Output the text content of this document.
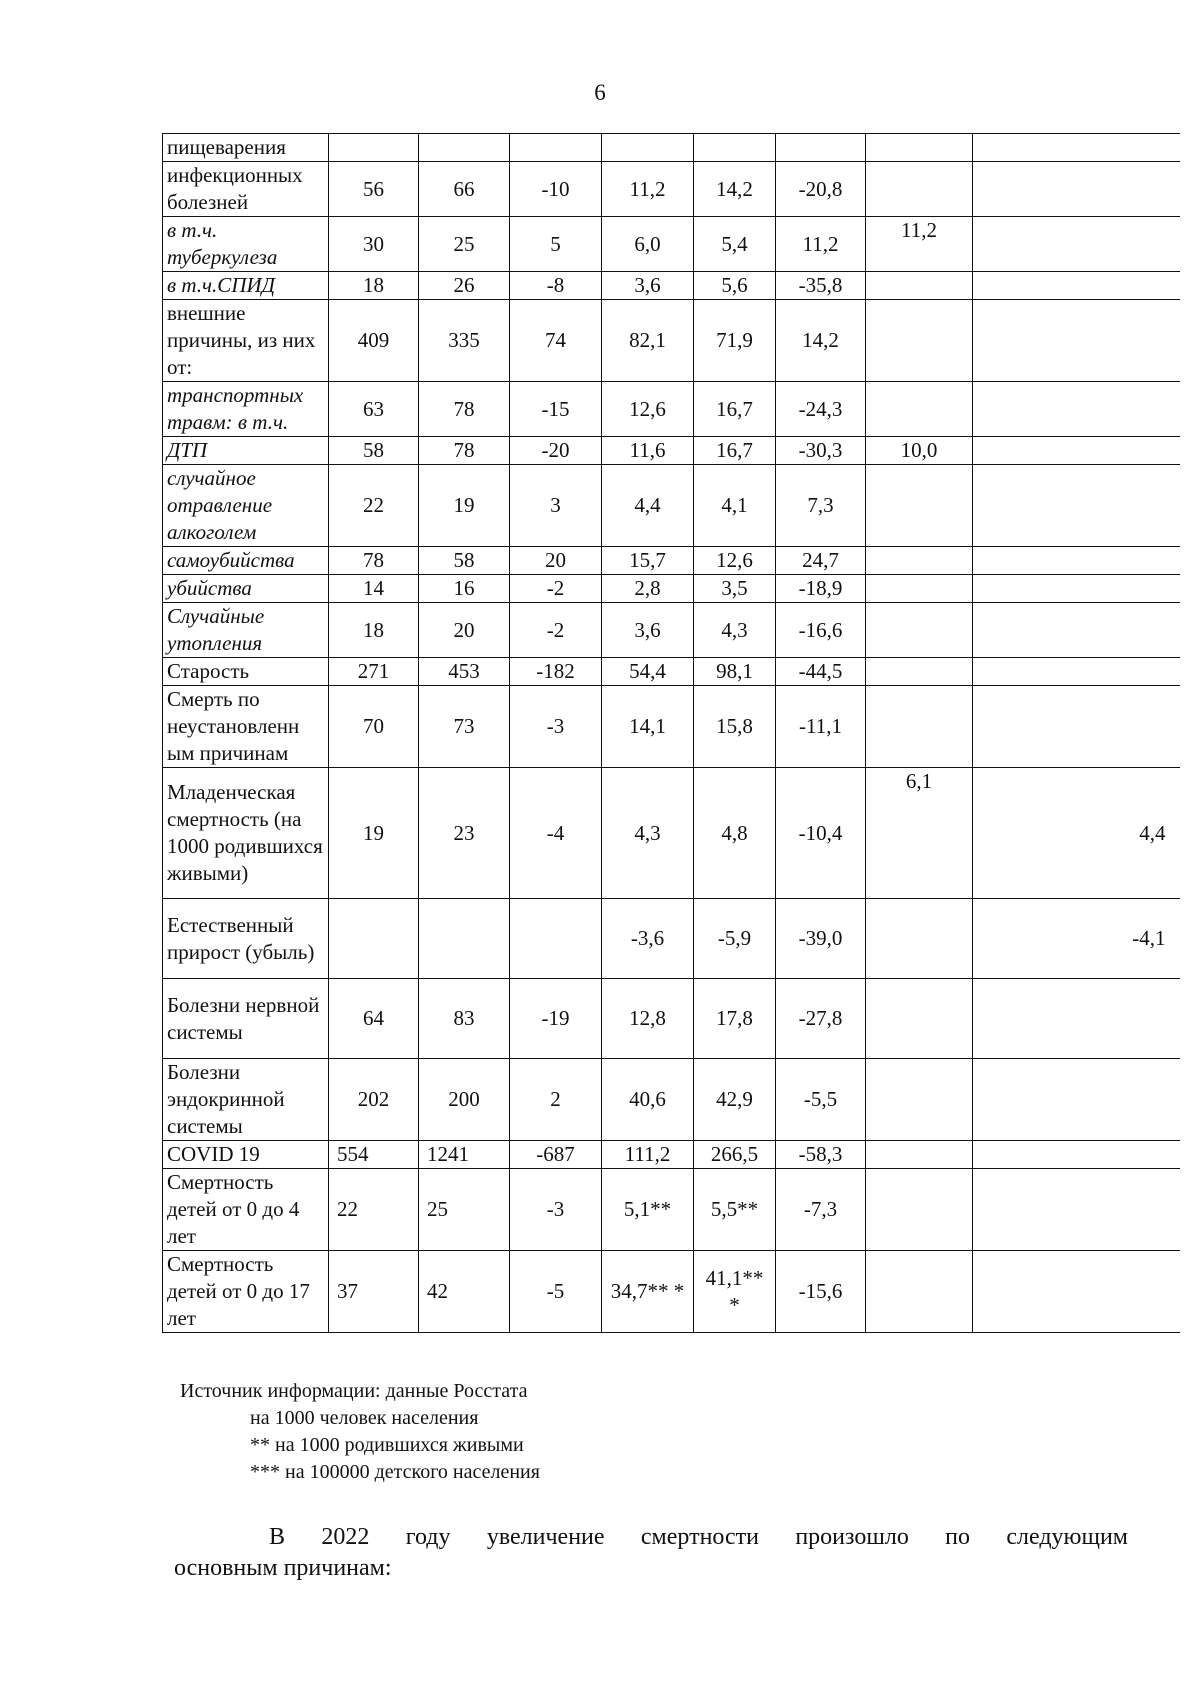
6
пищеварения								
инфекционных болезней	56	66	-10	11,2	14,2	-20,8		
в т.ч. туберкулеза	30	25	5	6,0	5,4	11,2	11,2	
в т.ч.СПИД	18	26	-8	3,6	5,6	-35,8		
внешние причины, из них от:	409	335	74	82,1	71,9	14,2		
транспортных травм: в т.ч.	63	78	-15	12,6	16,7	-24,3		
ДТП	58	78	-20	11,6	16,7	-30,3	10,0	
случайное отравление алкоголем	22	19	3	4,4	4,1	7,3		
самоубийства	78	58	20	15,7	12,6	24,7		
убийства	14	16	-2	2,8	3,5	-18,9		
Случайные утопления	18	20	-2	3,6	4,3	-16,6		
Старость	271	453	-182	54,4	98,1	-44,5		
Смерть по неустановленн ым причинам	70	73	-3	14,1	15,8	-11,1		
Младенческая смертность (на 1000 родившихся живыми)	19	23	-4	4,3	4,8	-10,4	6,1	4,4
Естественный прирост (убыль)				-3,6	-5,9	-39,0		-4,1
Болезни нервной системы	64	83	-19	12,8	17,8	-27,8		
Болезни эндокринной системы	202	200	2	40,6	42,9	-5,5		
COVID 19	554	1241	-687	111,2	266,5	-58,3		
Смертность детей от 0 до 4 лет	22	25	-3	5,1**	5,5**	-7,3		
Смертность детей от 0 до 17 лет	37	42	-5	34,7** *	41,1** *	-15,6		
Источник информации: данные Росстата
на 1000 человек населения
** на 1000 родившихся живыми
*** на 100000 детского населения
В 2022 году увеличение смертности произошло по следующим
основным причинам:
